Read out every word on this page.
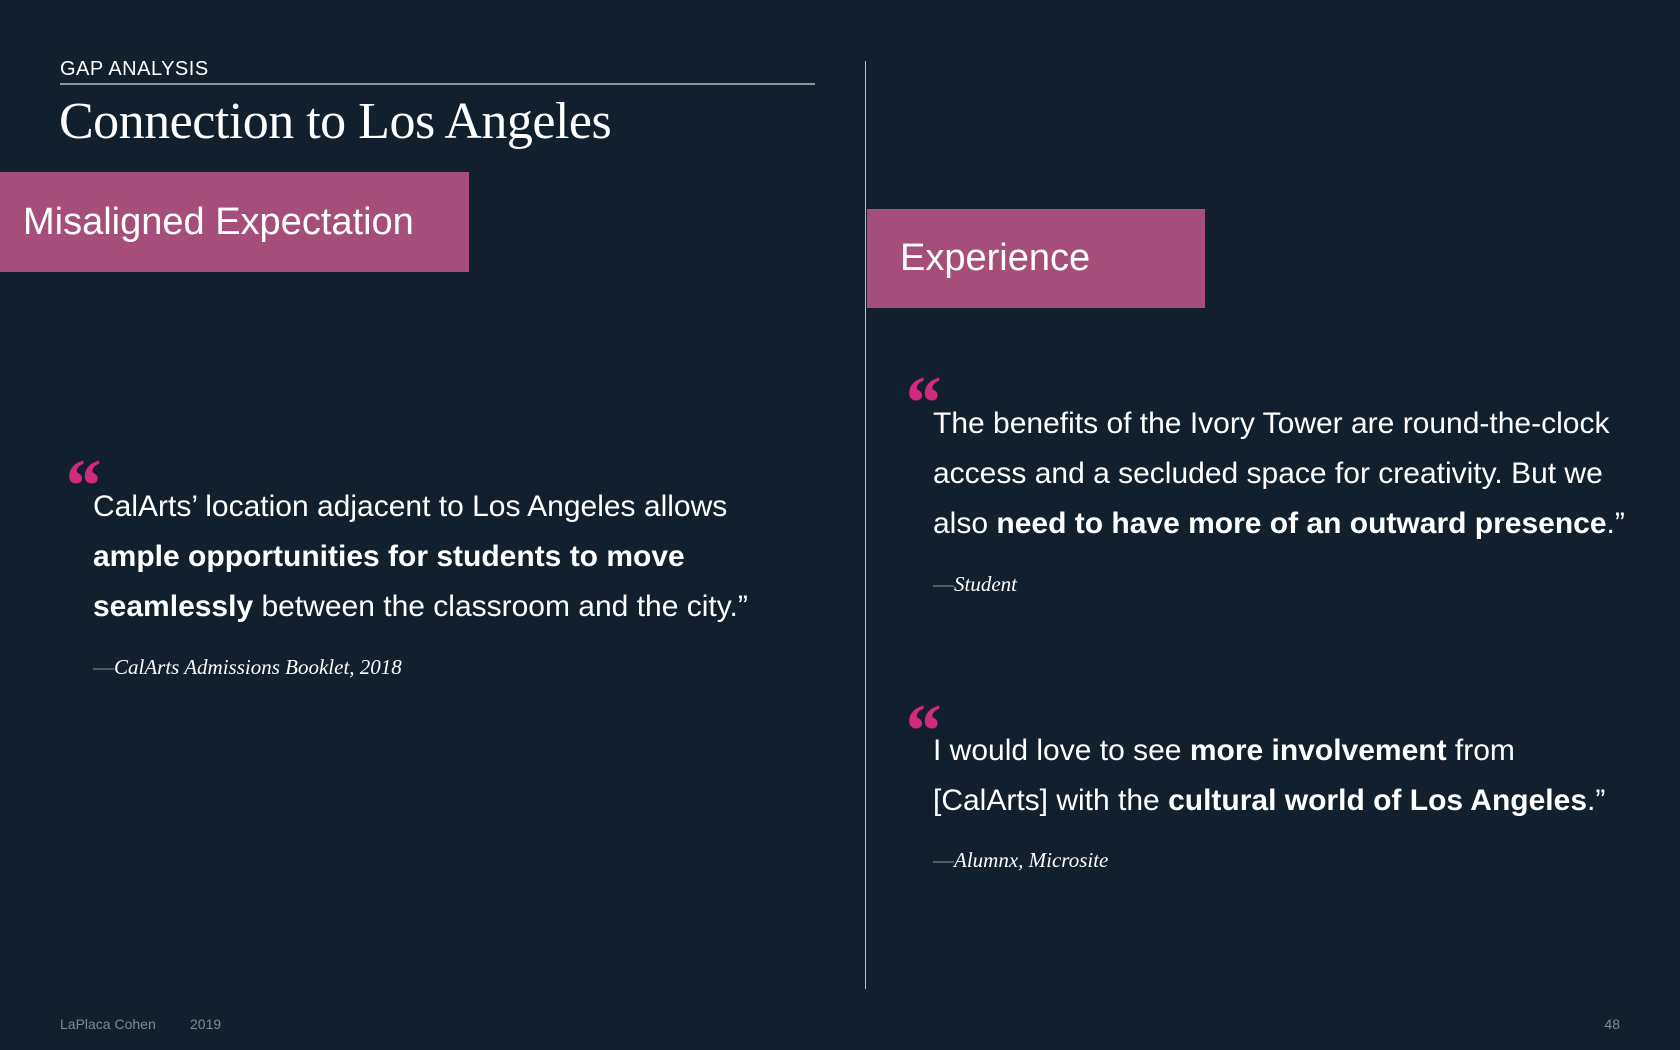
GAP ANALYSIS
Connection to Los Angeles
Misaligned Expectation
“
CalArts’ location adjacent to Los Angeles allows ample opportunities for students to move seamlessly between the classroom and the city.”
—CalArts Admissions Booklet, 2018
Experience
“
The benefits of the Ivory Tower are round-the-clock access and a secluded space for creativity. But we also need to have more of an outward presence.”
—Student
“
I would love to see more involvement from [CalArts] with the cultural world of Los Angeles.”
—Alumnx, Microsite
LaPlaca Cohen 2019	48
